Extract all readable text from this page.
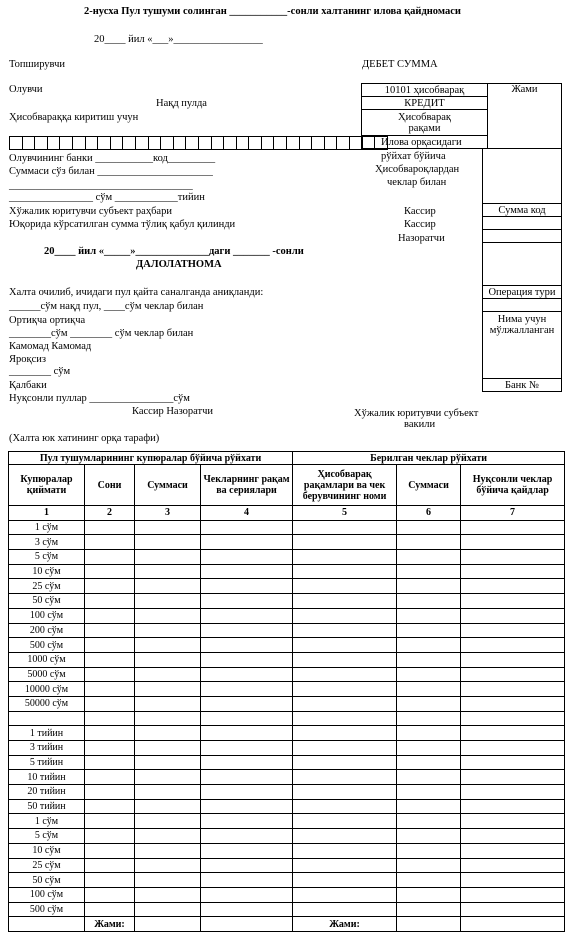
2-нусха Пул тушуми солинган ___________-сонли халтанинг илова қайдномаси
20____ йил «___»_________________
Топширувчи	ДЕБЕТ СУММА
Олувчи
Нақд пулда
Ҳисобвараққа киритиш учун

Олувчининг банки ___________код_________
Суммаси сўз билан ______________________
___________________________________
________________ сўм ____________тийин
Хўжалик юритувчи субъект раҳбари
Юқорида кўрсатилган сумма тўлиқ қабул қилинди
Кассир
Кассир
Назоратчи
20____ йил «_____»______________даги _______ -сонли
ДАЛОЛАТНОМА
Халта очилиб, ичидаги пул қайта саналганда аниқланди:
______сўм нақд пул, ____сўм чеклар билан
Ортиқча ортиқча
________сўм ________ сўм чеклар билан
Камомад Камомад
Яроқсиз
________ сўм
Қалбаки
Нуқсонли пуллар ________________сўм
Кассир Назоратчи	Хўжалик юритувчи субъект
вакили
(Халта юк хатининг орқа тарафи)
10101 ҳисобварақ	Жами
КРЕДИТ
Ҳисобварақ
рақами
Илова орқасидаги
рўйхат бўйича
Ҳисобвароқлардан
чеклар билан
Сумма код
Операция тури
Нима учун
мўлжалланган
Банк №
Пул тушумларининг купюралар бўйича рўйхати				Берилган чеклар рўйхати		
Купюралар қиймати	Сони	Суммаси	Чекларнинг рақам ва сериялари	Ҳисобварақ рақамлари ва чек берувчининг номи	Суммаси	Нуқсонли чеклар бўйича қайдлар
1	2	3	4	5	6	7
1 сўм						
3 сўм						
5 сўм						
10 сўм						
25 сўм						
50 сўм						
100 сўм						
200 сўм						
500 сўм						
1000 сўм						
5000 сўм						
10000 сўм						
50000 сўм						

1 тийин						
3 тийин						
5 тийин						
10 тийин						
20 тийин						
50 тийин						
1 сўм						
5 сўм						
10 сўм						
25 сўм						
50 сўм						
100 сўм						
500 сўм						
	Жами:			Жами:		
